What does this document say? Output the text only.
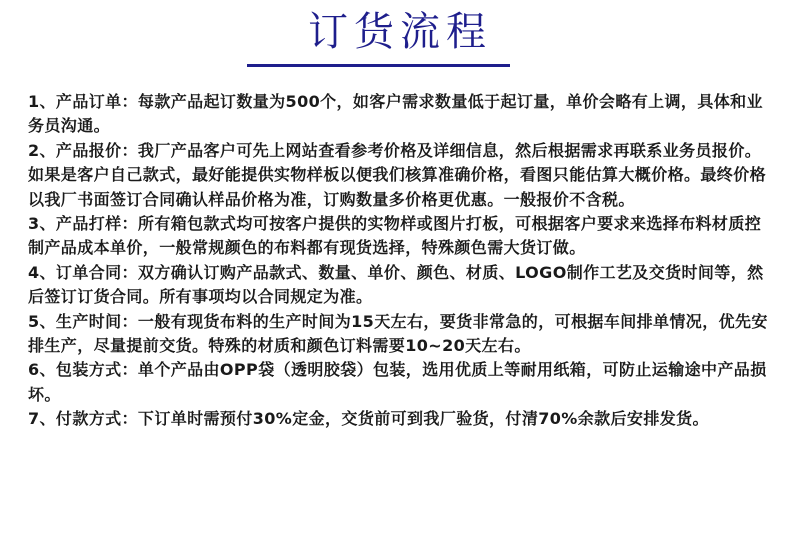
订货流程
1、产品订单：每款产品起订数量为500个，如客户需求数量低于起订量，单价会略有上调，具体和业务员沟通。
2、产品报价：我厂产品客户可先上网站查看参考价格及详细信息，然后根据需求再联系业务员报价。如果是客户自己款式，最好能提供实物样板以便我们核算准确价格，看图只能估算大概价格。最终价格以我厂书面签订合同确认样品价格为准，订购数量多价格更优惠。一般报价不含税。
3、产品打样：所有箱包款式均可按客户提供的实物样或图片打板，可根据客户要求来选择布料材质控制产品成本单价，一般常规颜色的布料都有现货选择，特殊颜色需大货订做。
4、订单合同：双方确认订购产品款式、数量、单价、颜色、材质、LOGO制作工艺及交货时间等，然后签订订货合同。所有事项均以合同规定为准。
5、生产时间：一般有现货布料的生产时间为15天左右，要货非常急的，可根据车间排单情况，优先安排生产，尽量提前交货。特殊的材质和颜色订料需要10~20天左右。
6、包装方式：单个产品由OPP袋（透明胶袋）包装，选用优质上等耐用纸箱，可防止运输途中产品损坏。
7、付款方式：下订单时需预付30%定金，交货前可到我厂验货，付清70%余款后安排发货。
